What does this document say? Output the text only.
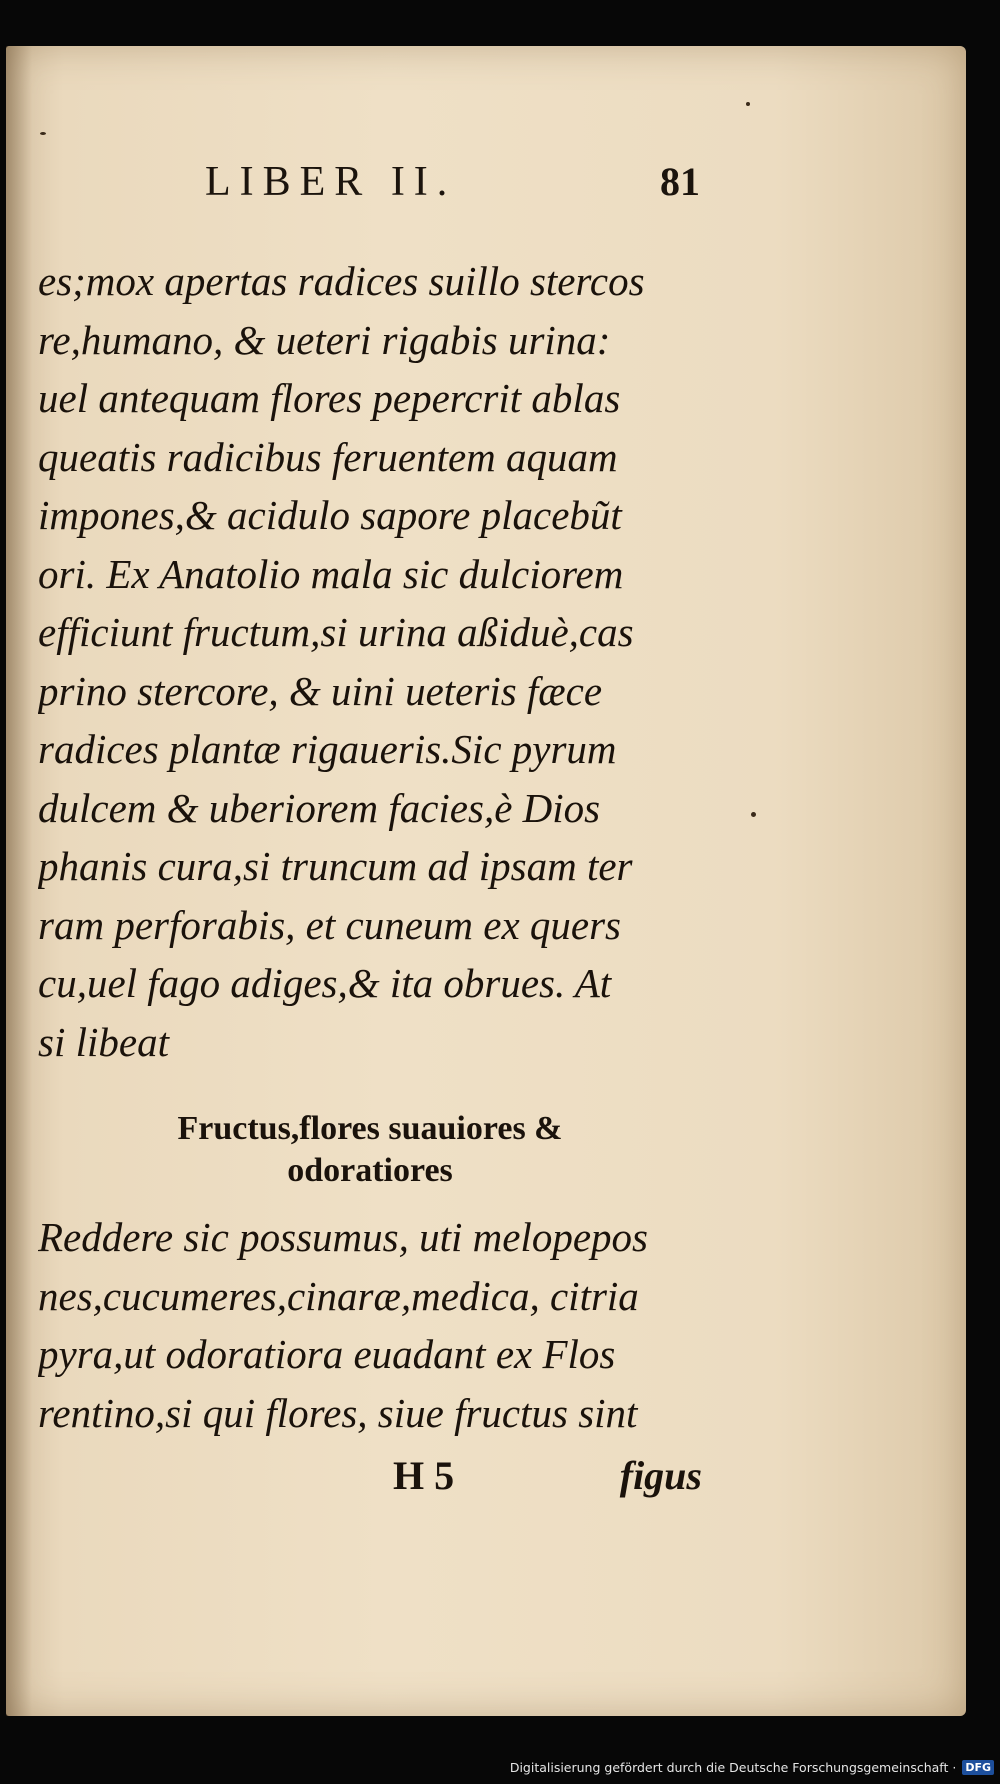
LIBER II.	81
es;mox apertas radices suillo stercos
re,humano, & ueteri rigabis urina:
uel antequam flores pepercrit ablas
queatis radicibus feruentem aquam
impones,& acidulo sapore placebũt
ori. Ex Anatolio mala sic dulciorem
efficiunt fructum,si urina aßiduè,cas
prino stercore, & uini ueteris fæce
radices plantæ rigaueris.Sic pyrum
dulcem & uberiorem facies,è Dios
phanis cura,si truncum ad ipsam ter
ram perforabis, et cuneum ex quers
cu,uel fago adiges,& ita obrues. At
si libeat
Fructus,flores suauiores &
odoratiores
Reddere sic possumus, uti melopepos
nes,cucumeres,cinaræ,medica, citria
pyra,ut odoratiora euadant ex Flos
rentino,si qui flores, siue fructus sint
H 5	figus
Digitalisierung gefördert durch die Deutsche Forschungsgemeinschaft · DFG
